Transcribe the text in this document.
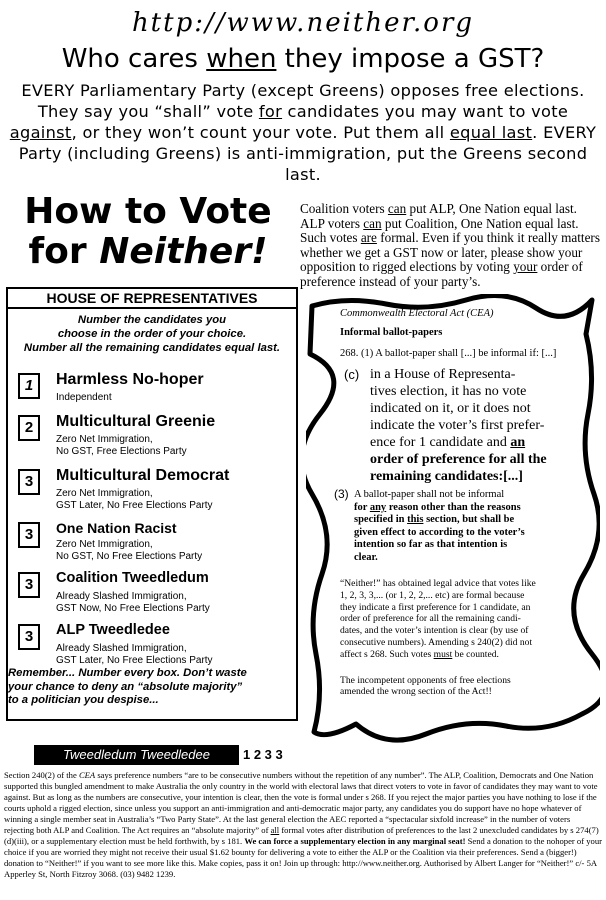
http://www.neither.org
Who cares when they impose a GST?
EVERY Parliamentary Party (except Greens) opposes free elections. They say you “shall” vote for candidates you may want to vote against, or they won’t count your vote. Put them all equal last. EVERY Party (including Greens) is anti-immigration, put the Greens second last.
How to Vote
for Neither!
Coalition voters can put ALP, One Nation equal last. ALP voters can put Coalition, One Nation equal last. Such votes are formal. Even if you think it really matters whether we get a GST now or later, please show your opposition to rigged elections by voting your order of preference instead of your party’s.
HOUSE OF REPRESENTATIVES
Number the candidates you
choose in the order of your choice.
Number all the remaining candidates equal last.
1	Harmless No-hoper
Independent
2	Multicultural Greenie
Zero Net Immigration,
No GST, Free Elections Party
3	Multicultural Democrat
Zero Net Immigration,
GST Later, No Free Elections Party
3	One Nation Racist
Zero Net Immigration,
No GST, No Free Elections Party
3	Coalition Tweedledum
Already Slashed Immigration,
GST Now, No Free Elections Party
3	ALP Tweedledee
Already Slashed Immigration,
GST Later, No Free Elections Party
Remember... Number every box. Don’t waste
your chance to deny an “absolute majority”
to a politician you despise...
Tweedledum Tweedledee	1 2 3 3
Commonwealth Electoral Act (CEA)
Informal ballot-papers
268. (1) A ballot-paper shall [...] be informal if: [...]
(c) in a House of Representa-
tives election, it has no vote
indicated on it, or it does not
indicate the voter’s first prefer-
ence for 1 candidate and an
order of preference for all the
remaining candidates:[...]
(3) A ballot-paper shall not be informal
for any reason other than the reasons
specified in this section, but shall be
given effect to according to the voter’s
intention so far as that intention is
clear.
“Neither!” has obtained legal advice that votes like
1, 2, 3, 3,... (or 1, 2, 2,... etc) are formal because
they indicate a first preference for 1 candidate, an
order of preference for all the remaining candi-
dates, and the voter’s intention is clear (by use of
consecutive numbers). Amending s 240(2) did not
affect s 268. Such votes must be counted.
The incompetent opponents of free elections
amended the wrong section of the Act!!
Section 240(2) of the CEA says preference numbers “are to be consecutive numbers without the repetition of any number”. The ALP, Coalition, Democrats and One Nation supported this bungled amendment to make Australia the only country in the world with electoral laws that direct voters to vote in favor of candidates they may want to vote against. But as long as the numbers are consecutive, your intention is clear, then the vote is formal under s 268. If you reject the major parties you have nothing to lose if the courts uphold a rigged election, since unless you support an anti-immigration and anti-democratic major party, any candidates you do support have no hope whatever of winning a single member seat in Australia’s “Two Party State”. At the last general election the AEC reported a “spectacular sixfold increase” in the number of voters rejecting both ALP and Coalition. The Act requires an “absolute majority” of all formal votes after distribution of preferences to the last 2 unexcluded candidates by s 274(7)(d)(iii), or a supplementary election must be held forthwith, by s 181. We can force a supplementary election in any marginal seat! Send a donation to the nohoper of your choice if you are worried they might not receive their usual $1.62 bounty for delivering a vote to either the ALP or the Coalition via their preferences. Send a (bigger!) donation to “Neither!” if you want to see more like this. Make copies, pass it on! Join up through: http://www.neither.org. Authorised by Albert Langer for “Neither!” c/- 5A Apperley St, North Fitzroy 3068. (03) 9482 1239.
